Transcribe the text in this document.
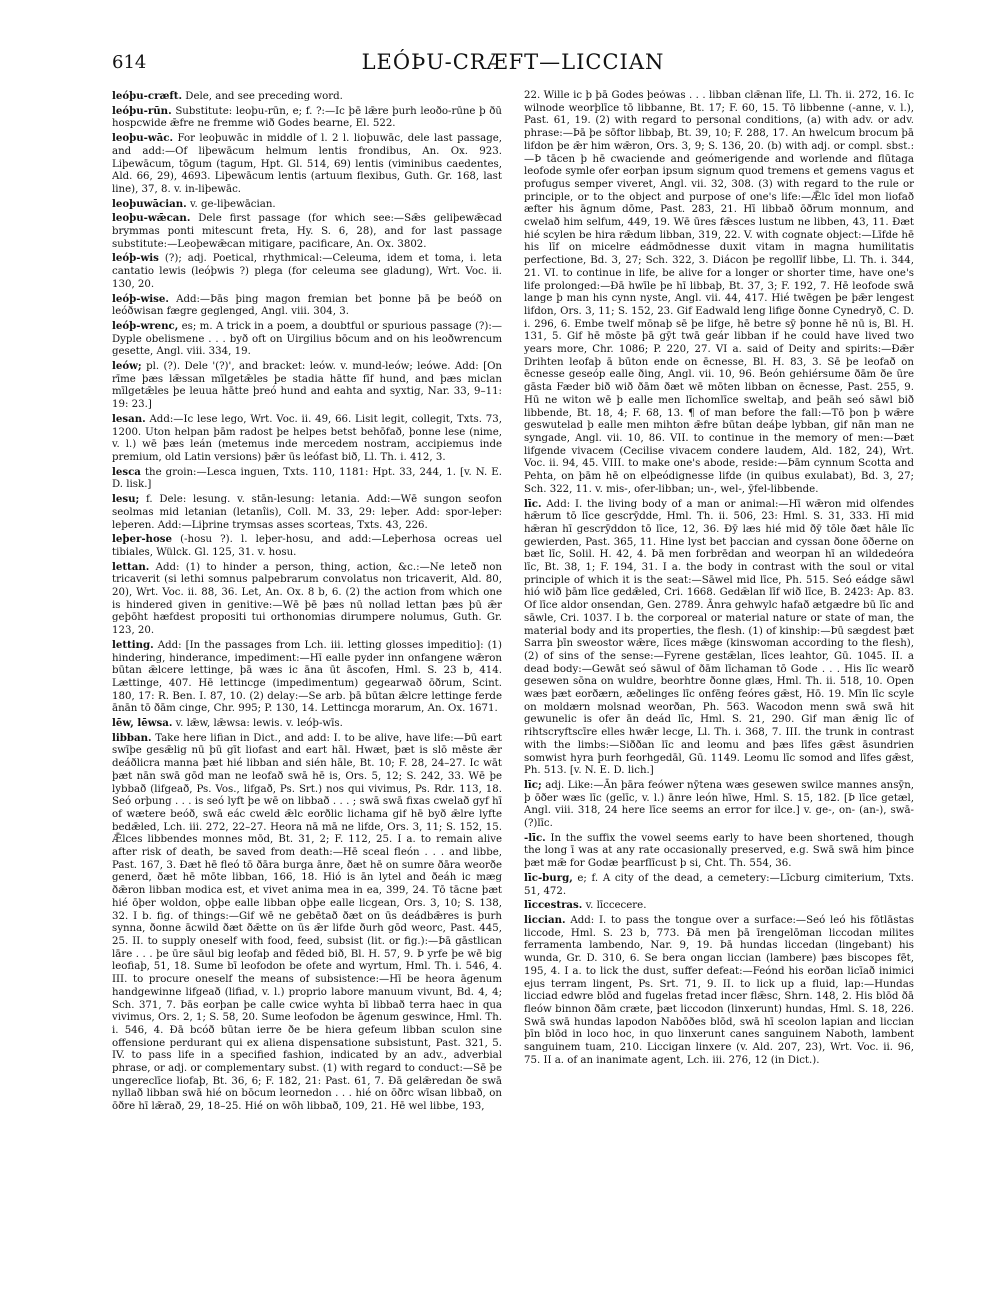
614	LEÓÞU-CRÆFT—LICCIAN

leóþu-cræft. Dele, and see preceding word.

leóþu-rūn. Substitute: leoþu-rūn, e; f. ?:—Ic þē lǣre þurh leoðo-rūne þ ðū hospcwide ǣfre ne fremme wið Godes bearne, El. 522.

leoþu-wāc. For leoþuwāc in middle of l. 2 l. lioþuwāc, dele last passage, and add:—Of liþewācum helmum lentis frondibus, An. Ox. 923. Liþewācum, tōgum (tagum, Hpt. Gl. 514, 69) lentis (viminibus caedentes, Ald. 66, 29), 4693. Liþewācum lentis (artuum flexibus, Guth. Gr. 168, last line), 37, 8. v. in-liþewāc.

leoþuwācian. v. ge-liþewācian.

leoþu-wǣcan. Dele first passage (for which see:—Sǣs geliþewǣcad brymmas ponti mitescunt freta, Hy. S. 6, 28), and for last passage substitute:—Leoþewǣcan mitigare, pacificare, An. Ox. 3802.

leóþ-wis (?); adj. Poetical, rhythmical:—Celeuma, idem et toma, i. leta cantatio lewis (leóþwis ?) plega (for celeuma see gladung), Wrt. Voc. ii. 130, 20.

leóþ-wise. Add:—Þās þing magon fremian bet þonne þā þe beóð on leóðwisan fægre geglenged, Angl. viii. 304, 3.

leóþ-wrenc, es; m. A trick in a poem, a doubtful or spurious passage (?):—Dyple obelismene . . . byð oft on Uirgilius bōcum and on his leoðwrencum gesette, Angl. viii. 334, 19.

leów; pl. (?). Dele '(?)', and bracket: leów. v. mund-leów; leówe. Add: [On rīme þæs lǣssan mīlgetǣles þe stadia hātte fīf hund, and þæs miclan mīlgetǣles þe leuua hātte þreó hund and eahta and syxtig, Nar. 33, 9–11: 19: 23.]

lesan. Add:—Ic lese lego, Wrt. Voc. ii. 49, 66. Lisit legit, collegit, Txts. 73, 1200. Uton helpan þām radost þe helpes betst behōfað, þonne lese (nime, v. l.) wē þæs leán (metemus inde mercedem nostram, accipiemus inde premium, old Latin versions) þǣr ūs leófast bið, Ll. Th. i. 412, 3.

lesca the groin:—Lesca inguen, Txts. 110, 1181: Hpt. 33, 244, 1. [v. N. E. D. lisk.]

lesu; f. Dele: lesung. v. stān-lesung: letania. Add:—Wē sungon seofon seolmas mid letanian (letanîis), Coll. M. 33, 29: leþer. Add: spor-leþer: leþeren. Add:—Liþrine trymsas asses scorteas, Txts. 43, 226.

leþer-hose (-hosu ?). l. leþer-hosu, and add:—Leþerhosa ocreas uel tibiales, Wülck. Gl. 125, 31. v. hosu.

lettan. Add: (1) to hinder a person, thing, action, &c.:—Ne leteð non tricaverit (si lethi somnus palpebrarum convolatus non tricaverit, Ald. 80, 20), Wrt. Voc. ii. 88, 36. Let, An. Ox. 8 b, 6. (2) the action from which one is hindered given in genitive:—Wē þē þæs nū nollad lettan þæs þū ǣr geþōht hæfdest propositi tui orthonomias dirumpere nolumus, Guth. Gr. 123, 20.

letting. Add: [In the passages from Lch. iii. letting glosses impeditio]: (1) hindering, hinderance, impediment:—Hī ealle pyder inn onfangene wǣron būtan ǣlcere lettinge, þā wæs ic āna ūt āscofen, Hml. S. 23 b, 414. Lættinge, 407. Hē lettincge (impedimentum) gegearwað ōðrum, Scint. 180, 17: R. Ben. I. 87, 10. (2) delay:—Se arb. þā būtan ǣlcre lettinge ferde ānān tō ðām cinge, Chr. 995; P. 130, 14. Lettincga morarum, An. Ox. 1671.

lēw, lēwsa. v. lǣw, lǣwsa: lewis. v. leóþ-wīs.

libban. Take here lifian in Dict., and add: I. to be alive, have life:—Þū eart swīþe gesǣlig nū þū gīt liofast and eart hāl. Hwæt, þæt is slō mēste ǣr deáðlicra manna þæt hié libban and sién hāle, Bt. 10; F. 28, 24–27. Ic wāt þæt nān swā gōd man ne leofað swā hē is, Ors. 5, 12; S. 242, 33. Wē þe lybbað (lifgeað, Ps. Vos., lifgað, Ps. Srt.) nos qui vivimus, Ps. Rdr. 113, 18. Seó orþung . . . is seó lyft þe wē on libbað . . . ; swā swā fixas cwelað gyf hī of wætere beóð, swā eác cweld ǣlc eorðlic lichama gif hē byð ǣlre lyfte bedǣled, Lch. iii. 272, 22–27. Heora nā mā ne lifde, Ors. 3, 11; S. 152, 15. Ǣlces libbendes monnes mōd, Bt. 31, 2; F. 112, 25. I a. to remain alive after risk of death, be saved from death:—Hē sceal fleón . . . and libbe, Past. 167, 3. Ðæt hē fleó tō ðāra burga ānre, ðæt hē on sumre ðāra weorðe generd, ðæt hē mōte libban, 166, 18. Hió is ān lytel and ðeáh ic mæg ðǣron libban modica est, et vivet anima mea in ea, 399, 24. Tō tācne þæt hié ōþer woldon, oþþe ealle libban oþþe ealle licgean, Ors. 3, 10; S. 138, 32. I b. fig. of things:—Gif wē ne gebētað ðæt on ūs deádbǣres is þurh synna, ðonne ācwild ðæt ðǣtte on ūs ǣr lifde ðurh gōd weorc, Past. 445, 25. II. to supply oneself with food, feed, subsist (lit. or fig.):—Þā gāstlican lāre . . . þe ūre sāul big leofaþ and fēded bið, Bl. H. 57, 9. Þ yrfe þe wē big leofiaþ, 51, 18. Sume bī leofodon be ofete and wyrtum, Hml. Th. i. 546, 4. III. to procure oneself the means of subsistence:—Hī be heora āgenum handgewinne lifgeað (lifiad, v. l.) proprio labore manuum vivunt, Bd. 4, 4; Sch. 371, 7. Þās eorþan þe calle cwice wyhta bī libbað terra haec in qua vivimus, Ors. 2, 1; S. 58, 20. Sume leofodon be āgenum geswince, Hml. Th. i. 546, 4. Ðā bcóð būtan ierre ðe be hiera gefeum libban sculon sine offensione perdurant qui ex aliena dispensatione subsistunt, Past. 321, 5. IV. to pass life in a specified fashion, indicated by an adv., adverbial phrase, or adj. or complementary subst. (1) with regard to conduct:—Sē þe ungereclīce liofaþ, Bt. 36, 6; F. 182, 21: Past. 61, 7. Ðā gelǣredan ðe swā nyllað libban swā hié on bōcum leornedon . . . hié on ōðrc wīsan libbað, on ōðre hī lǣrað, 29, 18–25. Hié on wōh libbað, 109, 21. Hē wel libbe, 193,

22. Wille ic þ þā Godes þeówas . . . libban clǣnan līfe, Ll. Th. ii. 272, 16. Ic wilnode weorþlīce tō libbanne, Bt. 17; F. 60, 15. Tō libbenne (-anne, v. l.), Past. 61, 19. (2) with regard to personal conditions, (a) with adv. or adv. phrase:—Þā þe sōftor libbaþ, Bt. 39, 10; F. 288, 17. An hwelcum brocum þā lifdon þe ǣr him wǣron, Ors. 3, 9; S. 136, 20. (b) with adj. or compl. sbst.:—Þ tācen þ hē cwaciende and geómerigende and worlende and flūtaga leofode symle ofer eorþan ipsum signum quod tremens et gemens vagus et profugus semper viveret, Angl. vii. 32, 308. (3) with regard to the rule or principle, or to the object and purpose of one's life:—Ǣlc īdel mon liofað æfter his āgnum dōme, Past. 283, 21. Hī libbað ōðrum monnum, and cwelað him selfum, 449, 19. Wē ūres fǣsces lustum ne libben, 43, 11. Ðæt hié scylen be hira rǣdum libban, 319, 22. V. with cognate object:—Līfde hē his līf on micelre eádmōdnesse duxit vitam in magna humilitatis perfectione, Bd. 3, 27; Sch. 322, 3. Diácon þe regollīf libbe, Ll. Th. i. 344, 21. VI. to continue in life, be alive for a longer or shorter time, have one's life prolonged:—Ðā hwīle þe hī libbaþ, Bt. 37, 3; F. 192, 7. Hē leofode swā lange þ man his cynn nyste, Angl. vii. 44, 417. Hié twēgen þe þǣr lengest lifdon, Ors. 3, 11; S. 152, 23. Gif Eadwald leng lifige ðonne Cynedryð, C. D. i. 296, 6. Embe twelf mōnaþ sē þe lifge, hē betre sȳ þonne hē nū is, Bl. H. 131, 5. Gif hē mōste þā gȳt twā geár libban if he could have lived two years more, Chr. 1086; P. 220, 27. VI a. said of Deity and spirits:—Ðǣr Drihten leofaþ ā būton ende on ēcnesse, Bl. H. 83, 3. Sē þe leofað on ēcnesse geseóp ealle ðing, Angl. vii. 10, 96. Beón gehiérsume ðām ðe ūre gāsta Fæder bið wið ðām ðæt wē mōten libban on ēcnesse, Past. 255, 9. Hū ne witon wē þ ealle men līchomlīce sweltaþ, and þeāh seó sāwl bið libbende, Bt. 18, 4; F. 68, 13. ¶ of man before the fall:—Tō þon þ wǣre geswutelad þ ealle men mihton ǣfre būtan deáþe lybban, gif nān man ne syngade, Angl. vii. 10, 86. VII. to continue in the memory of men:—Þæt lifgende vivacem (Cecilise vivacem condere laudem, Ald. 182, 24), Wrt. Voc. ii. 94, 45. VIII. to make one's abode, reside:—Þām cynnum Scotta and Pehta, on þām hē on elþeódignesse lifde (in quibus exulabat), Bd. 3, 27; Sch. 322, 11. v. mis-, ofer-libban; un-, wel-, ȳfel-libbende.

līc. Add: I. the living body of a man or animal:—Hī wǣron mid olfendes hǣrum tō līce gescrȳdde, Hml. Th. ii. 506, 23: Hml. S. 31, 333. Hī mid hǣran hī gescrȳddon tō līce, 12, 36. Ðȳ læs hié mid ðȳ tōle ðæt hāle līc gewierden, Past. 365, 11. Hine lyst bet þaccian and cyssan ðone ōðerne on bæt līc, Solil. H. 42, 4. Þā men forbrēdan and weorpan hī an wildedeóra līc, Bt. 38, 1; F. 194, 31. I a. the body in contrast with the soul or vital principle of which it is the seat:—Sāwel mid līce, Ph. 515. Seó eádge sāwl hió wið þām līce gedǣled, Cri. 1668. Gedǣlan līf wið līce, B. 2423: Ap. 83. Of līce aldor onsendan, Gen. 2789. Ānra gehwylc hafað ætgædre bū līc and sāwle, Cri. 1037. I b. the corporeal or material nature or state of man, the material body and its properties, the flesh. (1) of kinship:—Þū sægdest þæt Sarra þīn sweostor wǣre, līces mǣge (kinswoman according to the flesh), (2) of sins of the sense:—Fyrene gestǣlan, līces leahtor, Gū. 1045. II. a dead body:—Gewāt seó sāwul of ðām līchaman tō Gode . . . His līc wearð gesewen sōna on wuldre, beorhtre ðonne glæs, Hml. Th. ii. 518, 10. Open wæs þæt eorðærn, æðelinges līc onfēng feóres gǣst, Hō. 19. Mīn līc scyle on moldærn molsnad weorðan, Ph. 563. Wacodon menn swā swā hit gewunelic is ofer ān deád līc, Hml. S. 21, 290. Gif man ǣnig līc of rihtscryftscīre elles hwǣr lecge, Ll. Th. i. 368, 7. III. the trunk in contrast with the limbs:—Siððan līc and leomu and þæs līfes gǣst āsundrien somwist hyra þurh feorhgedāl, Gū. 1149. Leomu līc somod and līfes gǣst, Ph. 513. [v. N. E. D. lich.]

līc; adj. Like:—Ān þāra feówer nȳtena wæs gesewen swilce mannes ansȳn, þ ōðer wæs līc (gelīc, v. l.) ānre león hīwe, Hml. S. 15, 182. [Þ līce getæl, Angl. viii. 318, 24 here līce seems an error for ilce.] v. ge-, on- (an-), swā-(?)līc.

-līc. In the suffix the vowel seems early to have been shortened, though the long ī was at any rate occasionally preserved, e.g. Swā swā him þince þæt mǣ for Godæ þearflīcust þ si, Cht. Th. 554, 36.

līc-burg, e; f. A city of the dead, a cemetery:—Līcburg cimiterium, Txts. 51, 472.

līccestras. v. līccecere.

liccian. Add: I. to pass the tongue over a surface:—Seó leó his fōtlāstas liccode, Hml. S. 23 b, 773. Ðā men þā īrengelōman liccodan milites ferramenta lambendo, Nar. 9, 19. Þā hundas liccedan (lingebant) his wunda, Gr. D. 310, 6. Se bera ongan liccian (lambere) þæs biscopes fēt, 195, 4. I a. to lick the dust, suffer defeat:—Feónd his eorðan licīað inimici ejus terram lingent, Ps. Srt. 71, 9. II. to lick up a fluid, lap:—Hundas licciad edwre blōd and fugelas fretad incer flǣsc, Shrn. 148, 2. His blōd ðā fleów binnon ðām cræte, þæt liccodon (linxerunt) hundas, Hml. S. 18, 226. Swā swā hundas lapodon Nabōðes blōd, swā hī sceolon lapian and liccian þīn blōd in loco hoc, in quo linxerunt canes sanguinem Naboth, lambent sanguinem tuam, 210. Liccigan linxere (v. Ald. 207, 23), Wrt. Voc. ii. 96, 75. II a. of an inanimate agent, Lch. iii. 276, 12 (in Dict.).
